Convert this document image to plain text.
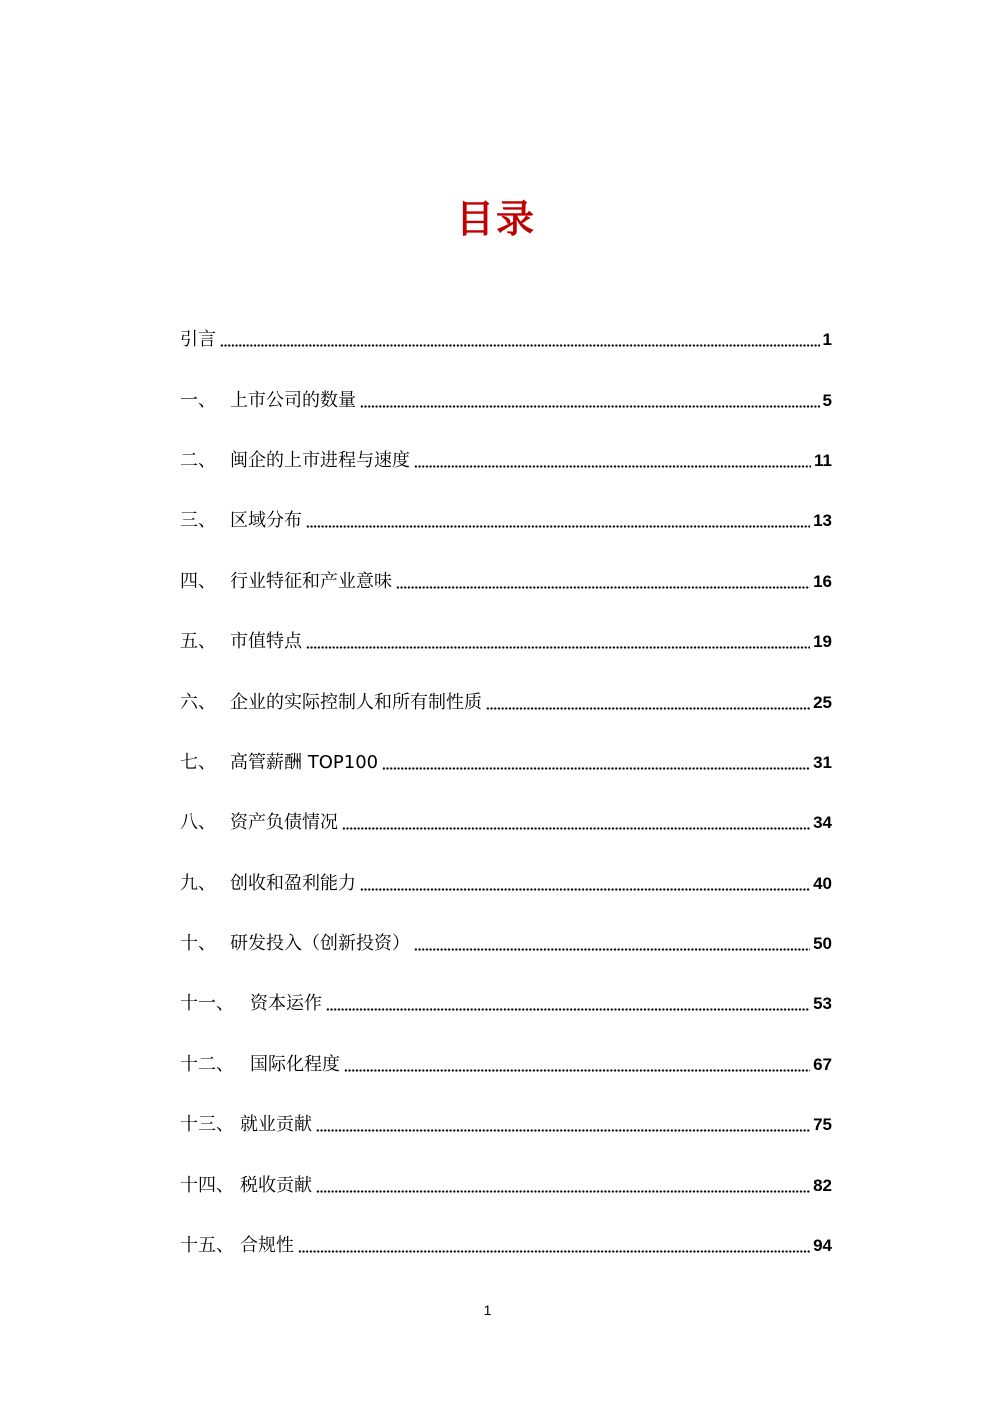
目录
引言	1
一、 上市公司的数量	5
二、 闽企的上市进程与速度	11
三、 区域分布	13
四、 行业特征和产业意味	16
五、 市值特点	19
六、 企业的实际控制人和所有制性质	25
七、 高管薪酬 TOP100	31
八、 资产负债情况	34
九、 创收和盈利能力	40
十、 研发投入（创新投资）	50
十一、 资本运作	53
十二、 国际化程度	67
十三、 就业贡献	75
十四、 税收贡献	82
十五、 合规性	94
1
